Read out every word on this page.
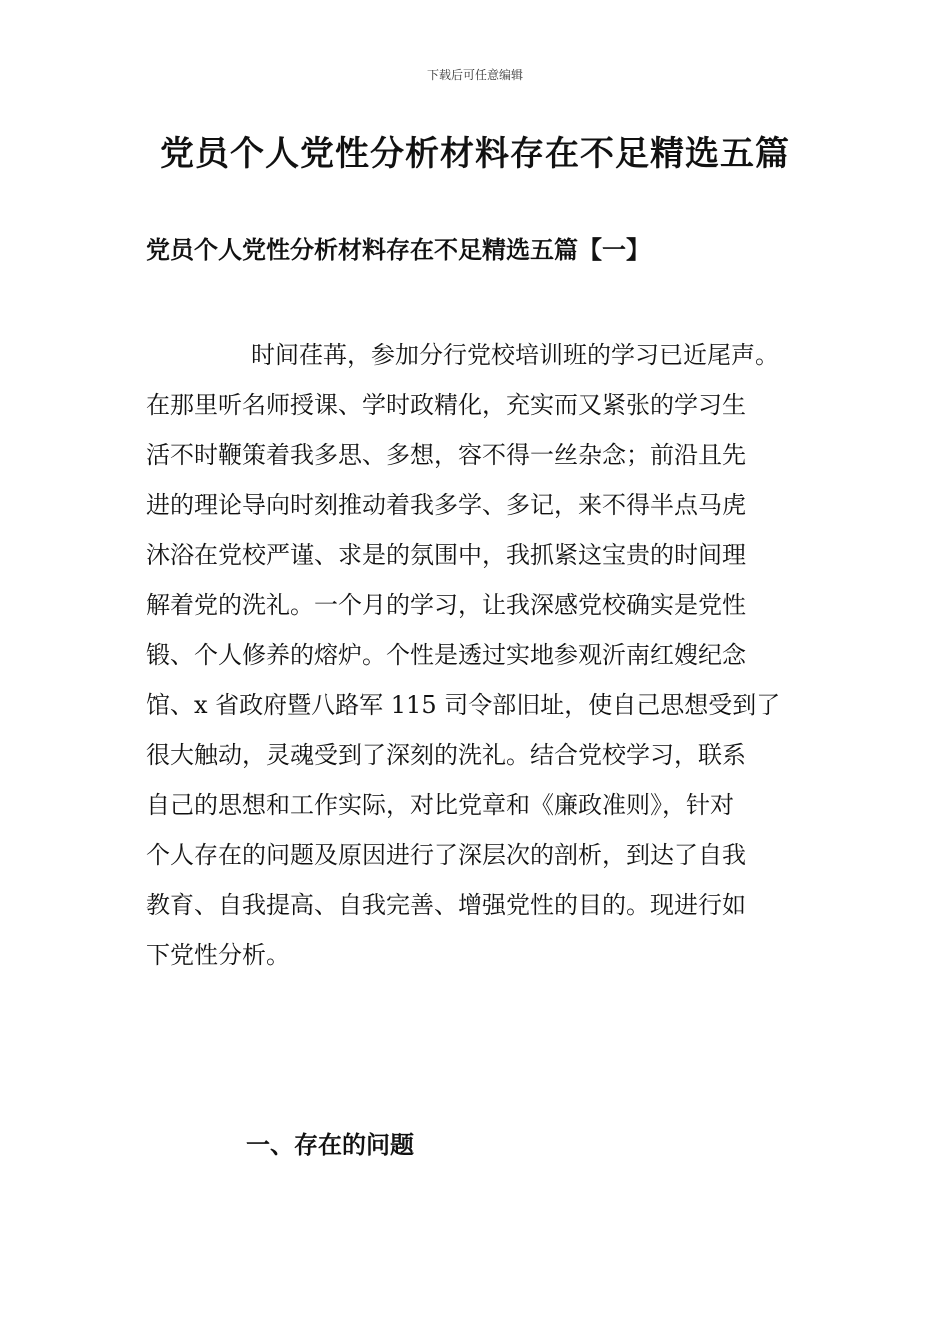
下载后可任意编辑
党员个人党性分析材料存在不足精选五篇
党员个人党性分析材料存在不足精选五篇【一】
时间荏苒，参加分行党校培训班的学习已近尾声。
在那里听名师授课、学时政精化，充实而又紧张的学习生
活不时鞭策着我多思、多想，容不得一丝杂念；前沿且先
进的理论导向时刻推动着我多学、多记，来不得半点马虎
沐浴在党校严谨、求是的氛围中，我抓紧这宝贵的时间理
解着党的洗礼。一个月的学习，让我深感党校确实是党性
锻、个人修养的熔炉。个性是透过实地参观沂南红嫂纪念
馆、x 省政府暨八路军 115 司令部旧址，使自己思想受到了
很大触动，灵魂受到了深刻的洗礼。结合党校学习，联系
自己的思想和工作实际，对比党章和《廉政准则》，针对
个人存在的问题及原因进行了深层次的剖析，到达了自我
教育、自我提高、自我完善、增强党性的目的。现进行如
下党性分析。
一、存在的问题
